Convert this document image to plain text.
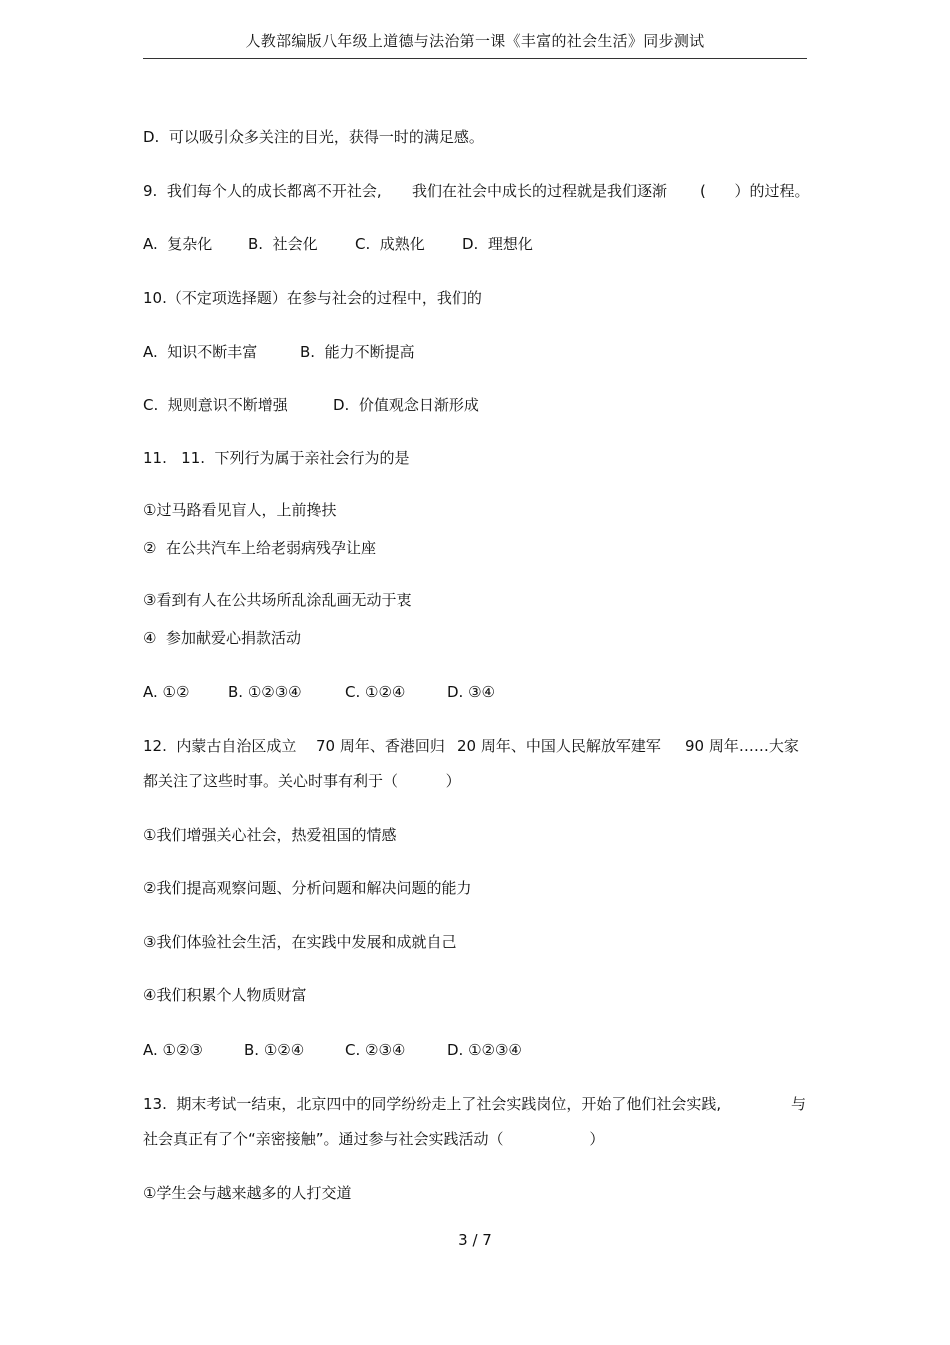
人教部编版八年级上道德与法治第一课《丰富的社会生活》同步测试
D.  可以吸引众多关注的目光，获得一时的满足感。
9.  我们每个人的成长都离不开社会, 我们在社会中成长的过程就是我们逐渐 (      ）的过程。
A.  复杂化 B.  社会化 C.  成熟化 D.  理想化
10.（不定项选择题）在参与社会的过程中，我们的
A.  知识不断丰富	B.  能力不断提高
C.  规则意识不断增强	D.  价值观念日渐形成
11.   11.  下列行为属于亲社会行为的是
①过马路看见盲人，上前搀扶
②  在公共汽车上给老弱病残孕让座
③看到有人在公共场所乱涂乱画无动于衷
④  参加献爱心捐款活动
A. ①②	B. ①②③④	C. ①②④	D. ③④
12.  内蒙古自治区成立 70 周年、香港回归 20 周年、中国人民解放军建军 90 周年……大家
都关注了这些时事。关心时事有利于（          ）
①我们增强关心社会，热爱祖国的情感
②我们提高观察问题、分析问题和解决问题的能力
③我们体验社会生活，在实践中发展和成就自己
④我们积累个人物质财富
A. ①②③	B. ①②④	C. ②③④	D. ①②③④
13.  期末考试一结束，北京四中的同学纷纷走上了社会实践岗位，开始了他们社会实践,	与
社会真正有了个“亲密接触”。通过参与社会实践活动（                  ）
①学生会与越来越多的人打交道
3 / 7
